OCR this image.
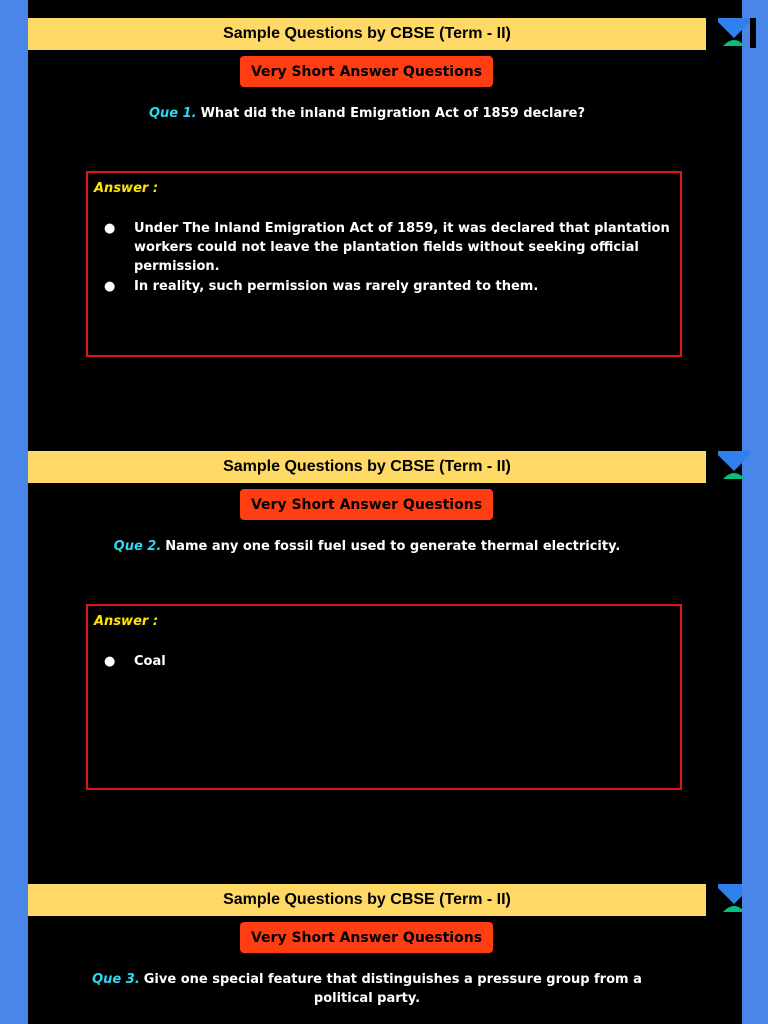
Sample Questions by CBSE (Term - II)
Very Short Answer Questions
Que 1. What did the inland Emigration Act of 1859 declare?
Answer :
● Under The Inland Emigration Act of 1859, it was declared that plantation workers could not leave the plantation fields without seeking official permission.
● In reality, such permission was rarely granted to them.
Sample Questions by CBSE (Term - II)
Very Short Answer Questions
Que 2. Name any one fossil fuel used to generate thermal electricity.
Answer :
● Coal
Sample Questions by CBSE (Term - II)
Very Short Answer Questions
Que 3. Give one special feature that distinguishes a pressure group from a political party.
